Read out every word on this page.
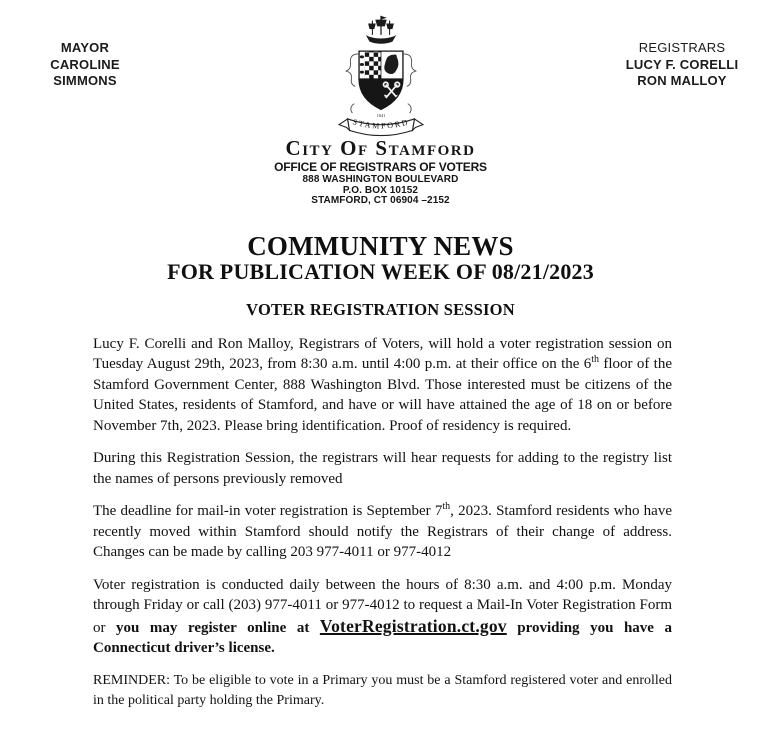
MAYOR
CAROLINE SIMMONS
REGISTRARS
LUCY F. CORELLI
RON MALLOY
1641
STAMFORD
City Of Stamford
OFFICE OF REGISTRARS OF VOTERS
888 WASHINGTON BOULEVARD
P.O. BOX 10152
STAMFORD, CT 06904 –2152
COMMUNITY NEWS
FOR PUBLICATION WEEK OF 08/21/2023
VOTER REGISTRATION SESSION

Lucy F. Corelli and Ron Malloy, Registrars of Voters, will hold a voter registration session on Tuesday August 29th, 2023, from 8:30 a.m. until 4:00 p.m. at their office on the 6th floor of the Stamford Government Center, 888 Washington Blvd. Those interested must be citizens of the United States, residents of Stamford, and have or will have attained the age of 18 on or before November 7th, 2023. Please bring identification. Proof of residency is required.

During this Registration Session, the registrars will hear requests for adding to the registry list the names of persons previously removed

The deadline for mail-in voter registration is September 7th, 2023. Stamford residents who have recently moved within Stamford should notify the Registrars of their change of address. Changes can be made by calling 203 977-4011 or 977-4012

Voter registration is conducted daily between the hours of 8:30 a.m. and 4:00 p.m. Monday through Friday or call (203) 977-4011 or 977-4012 to request a Mail-In Voter Registration Form or you may register online at VoterRegistration.ct.gov providing you have a Connecticut driver’s license.

REMINDER: To be eligible to vote in a Primary you must be a Stamford registered voter and enrolled in the political party holding the Primary.
